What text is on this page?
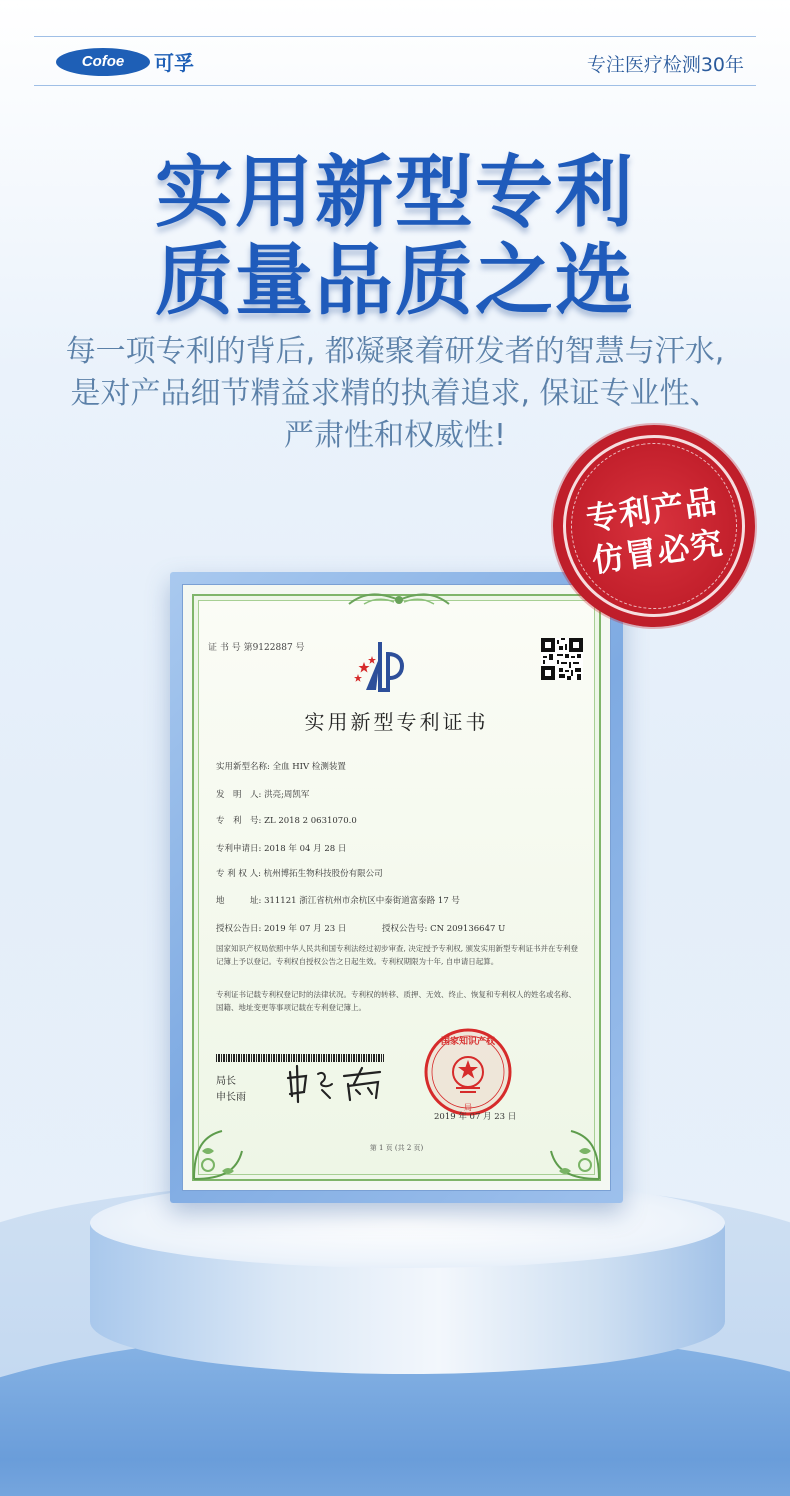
Cofoe	可孚	专注医疗检测30年
实用新型专利
质量品质之选
每一项专利的背后, 都凝聚着研发者的智慧与汗水,
是对产品细节精益求精的执着追求, 保证专业性、
严肃性和权威性!
证 书 号 第9122887 号
实用新型专利证书
实用新型名称: 全血 HIV 检测装置
发　明　人: 洪亮;周凯军
专　利　号: ZL 2018 2 0631070.0
专利申请日: 2018 年 04 月 28 日
专 利 权 人: 杭州博拓生物科技股份有限公司
地　　　址: 311121 浙江省杭州市余杭区中泰街道富泰路 17 号
授权公告日: 2019 年 07 月 23 日	授权公告号: CN 209136647 U
国家知识产权局依照中华人民共和国专利法经过初步审查, 决定授予专利权, 颁发实用新型专利证书并在专利登记簿上予以登记。专利权自授权公告之日起生效。专利权期限为十年, 自申请日起算。
专利证书记载专利权登记时的法律状况。专利权的转移、质押、无效、终止、恢复和专利权人的姓名或名称、国籍、地址变更等事项记载在专利登记簿上。
局长
申长雨
国家知识产权
局
2019 年 07 月 23 日
第 1 页 (共 2 页)
专利产品
仿冒必究
